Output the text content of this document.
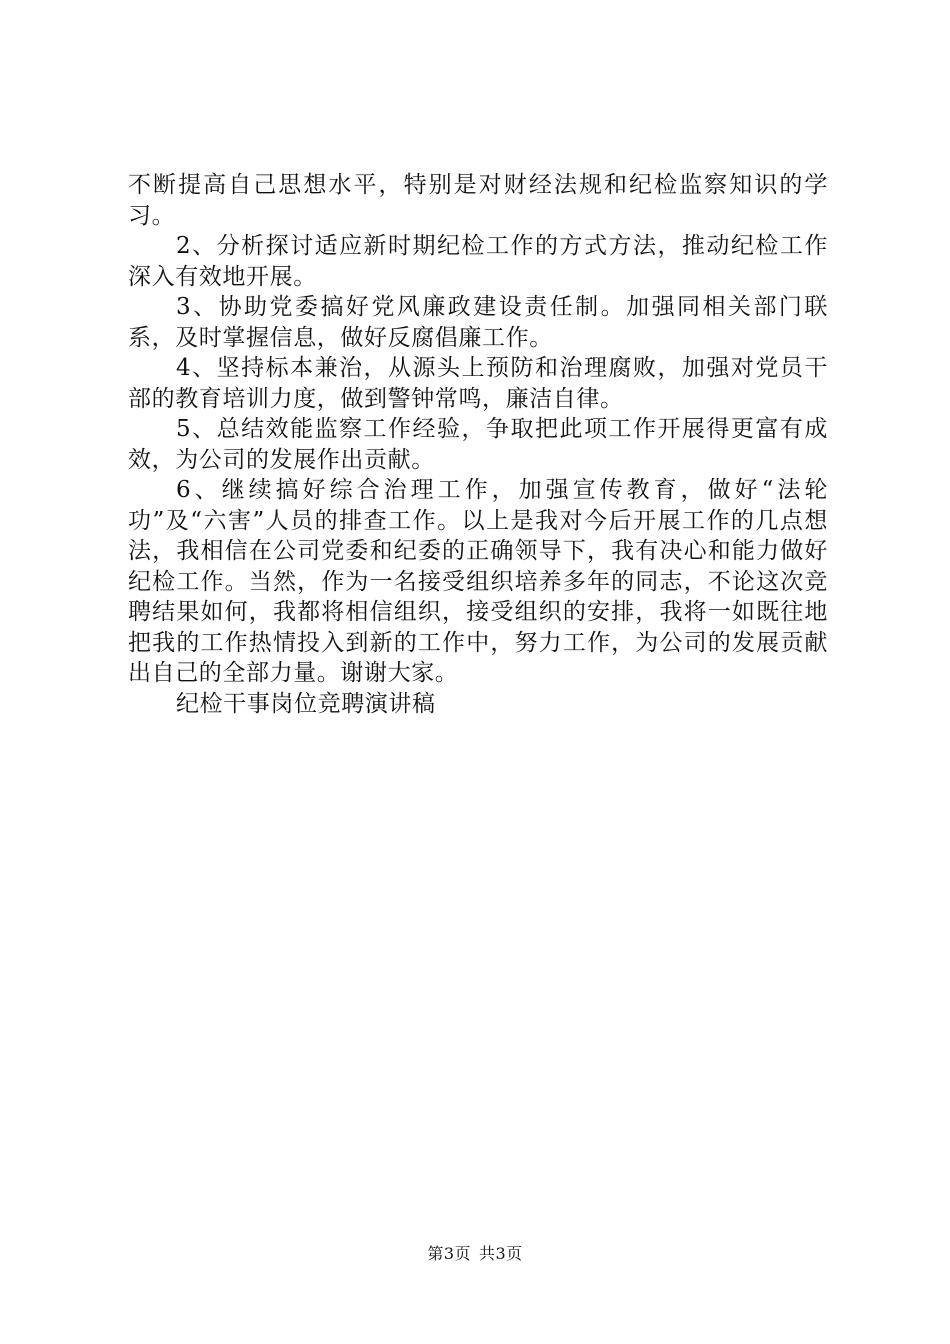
不断提高自己思想水平，特别是对财经法规和纪检监察知识的学习。

2、分析探讨适应新时期纪检工作的方式方法，推动纪检工作深入有效地开展。

3、协助党委搞好党风廉政建设责任制。加强同相关部门联系，及时掌握信息，做好反腐倡廉工作。

4、坚持标本兼治，从源头上预防和治理腐败，加强对党员干部的教育培训力度，做到警钟常鸣，廉洁自律。

5、总结效能监察工作经验，争取把此项工作开展得更富有成效，为公司的发展作出贡献。

6、继续搞好综合治理工作，加强宣传教育，做好“法轮功”及“六害”人员的排查工作。以上是我对今后开展工作的几点想法，我相信在公司党委和纪委的正确领导下，我有决心和能力做好纪检工作。当然，作为一名接受组织培养多年的同志，不论这次竞聘结果如何，我都将相信组织，接受组织的安排，我将一如既往地把我的工作热情投入到新的工作中，努力工作，为公司的发展贡献出自己的全部力量。谢谢大家。

纪检干事岗位竞聘演讲稿

第3页 共3页
